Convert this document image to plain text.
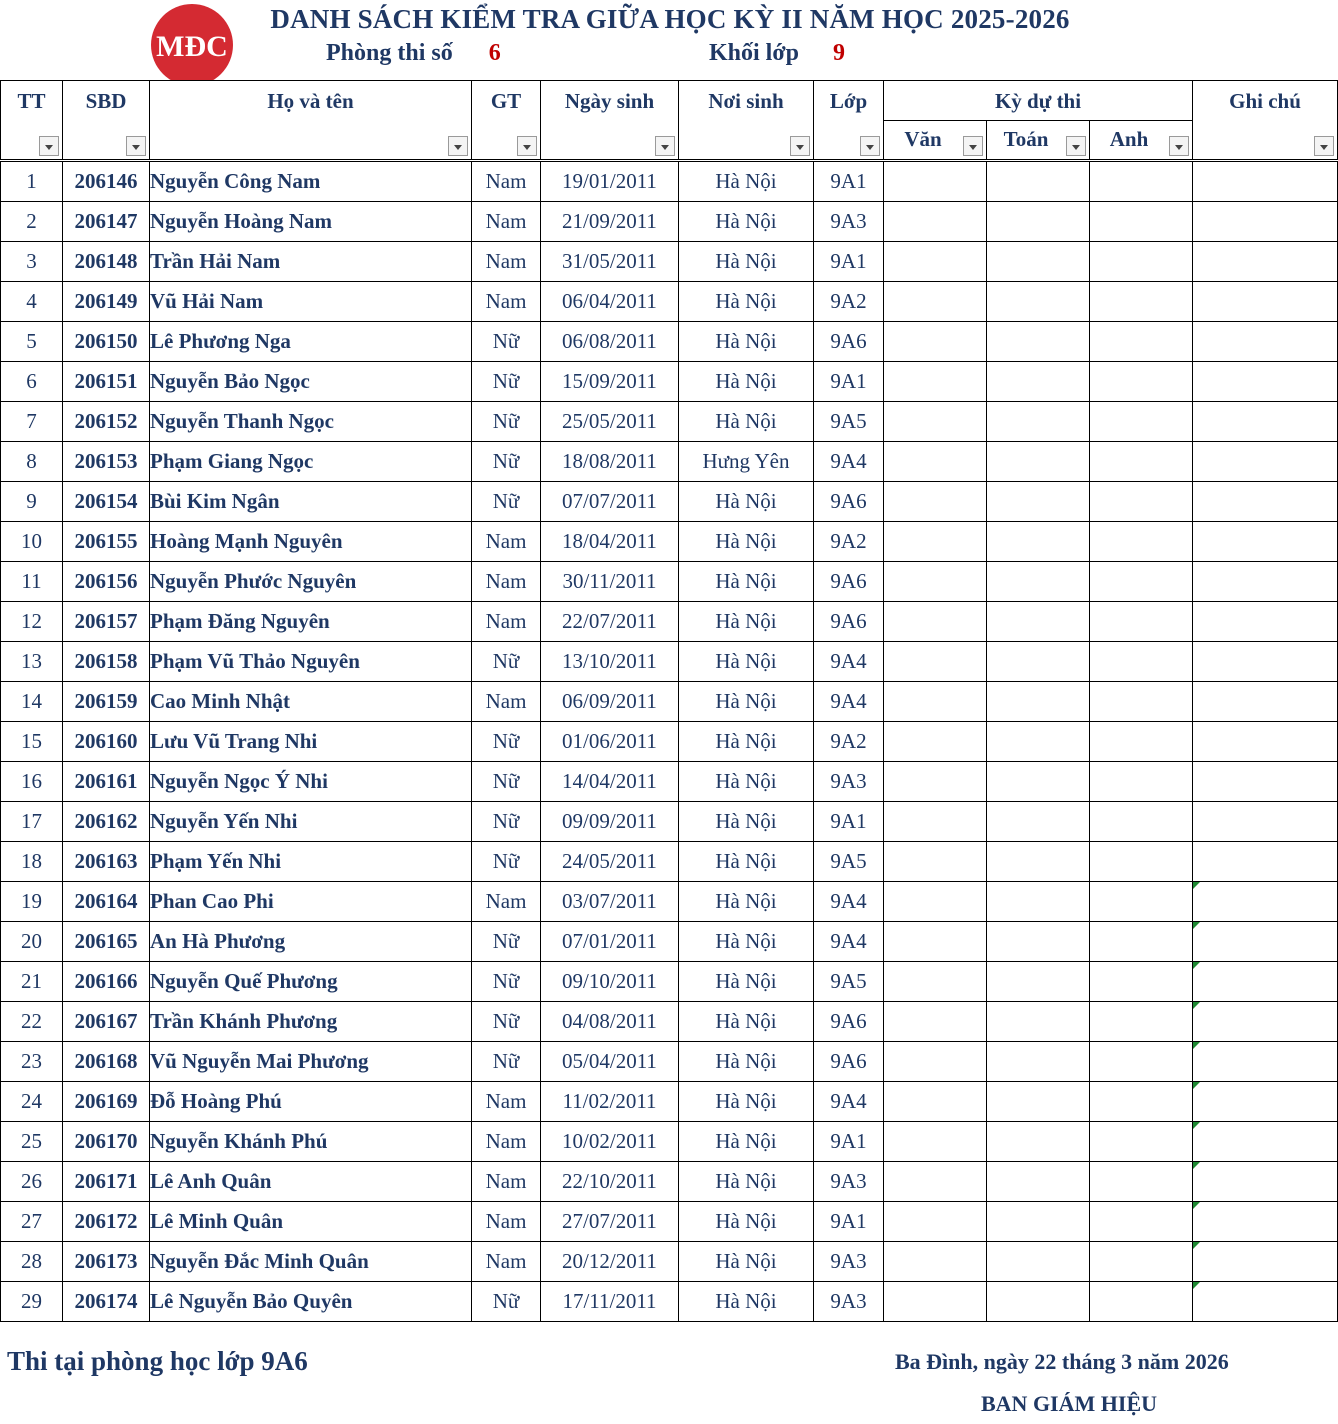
MĐC
DANH SÁCH KIỂM TRA GIỮA HỌC KỲ II NĂM HỌC 2025-2026
Phòng thi số 6	Khối lớp 9
TT	SBD	Họ và tên	GT	Ngày sinh	Nơi sinh	Lớp	Kỳ dự thi			Ghi chú

							Văn	Toán	Anh	

1	206146	Nguyễn Công Nam	Nam	19/01/2011	Hà Nội	9A1				
2	206147	Nguyễn Hoàng Nam	Nam	21/09/2011	Hà Nội	9A3				
3	206148	Trần Hải Nam	Nam	31/05/2011	Hà Nội	9A1				
4	206149	Vũ Hải Nam	Nam	06/04/2011	Hà Nội	9A2				
5	206150	Lê Phương Nga	Nữ	06/08/2011	Hà Nội	9A6				
6	206151	Nguyễn Bảo Ngọc	Nữ	15/09/2011	Hà Nội	9A1				
7	206152	Nguyễn Thanh Ngọc	Nữ	25/05/2011	Hà Nội	9A5				
8	206153	Phạm Giang Ngọc	Nữ	18/08/2011	Hưng Yên	9A4				
9	206154	Bùi Kim Ngân	Nữ	07/07/2011	Hà Nội	9A6				
10	206155	Hoàng Mạnh Nguyên	Nam	18/04/2011	Hà Nội	9A2				
11	206156	Nguyễn Phước Nguyên	Nam	30/11/2011	Hà Nội	9A6				
12	206157	Phạm Đăng Nguyên	Nam	22/07/2011	Hà Nội	9A6				
13	206158	Phạm Vũ Thảo Nguyên	Nữ	13/10/2011	Hà Nội	9A4				
14	206159	Cao Minh Nhật	Nam	06/09/2011	Hà Nội	9A4				
15	206160	Lưu Vũ Trang Nhi	Nữ	01/06/2011	Hà Nội	9A2				
16	206161	Nguyễn Ngọc Ý Nhi	Nữ	14/04/2011	Hà Nội	9A3				
17	206162	Nguyễn Yến Nhi	Nữ	09/09/2011	Hà Nội	9A1				
18	206163	Phạm Yến Nhi	Nữ	24/05/2011	Hà Nội	9A5				
19	206164	Phan Cao Phi	Nam	03/07/2011	Hà Nội	9A4				

20	206165	An Hà Phương	Nữ	07/01/2011	Hà Nội	9A4				

21	206166	Nguyễn Quế Phương	Nữ	09/10/2011	Hà Nội	9A5				

22	206167	Trần Khánh Phương	Nữ	04/08/2011	Hà Nội	9A6				

23	206168	Vũ Nguyễn Mai Phương	Nữ	05/04/2011	Hà Nội	9A6				

24	206169	Đỗ Hoàng Phú	Nam	11/02/2011	Hà Nội	9A4				

25	206170	Nguyễn Khánh Phú	Nam	10/02/2011	Hà Nội	9A1				

26	206171	Lê Anh Quân	Nam	22/10/2011	Hà Nội	9A3				

27	206172	Lê Minh Quân	Nam	27/07/2011	Hà Nội	9A1				

28	206173	Nguyễn Đắc Minh Quân	Nam	20/12/2011	Hà Nội	9A3				

29	206174	Lê Nguyễn Bảo Quyên	Nữ	17/11/2011	Hà Nội	9A3				
Thi tại phòng học lớp 9A6	Ba Đình, ngày 22 tháng 3 năm 2026
BAN GIÁM HIỆU
